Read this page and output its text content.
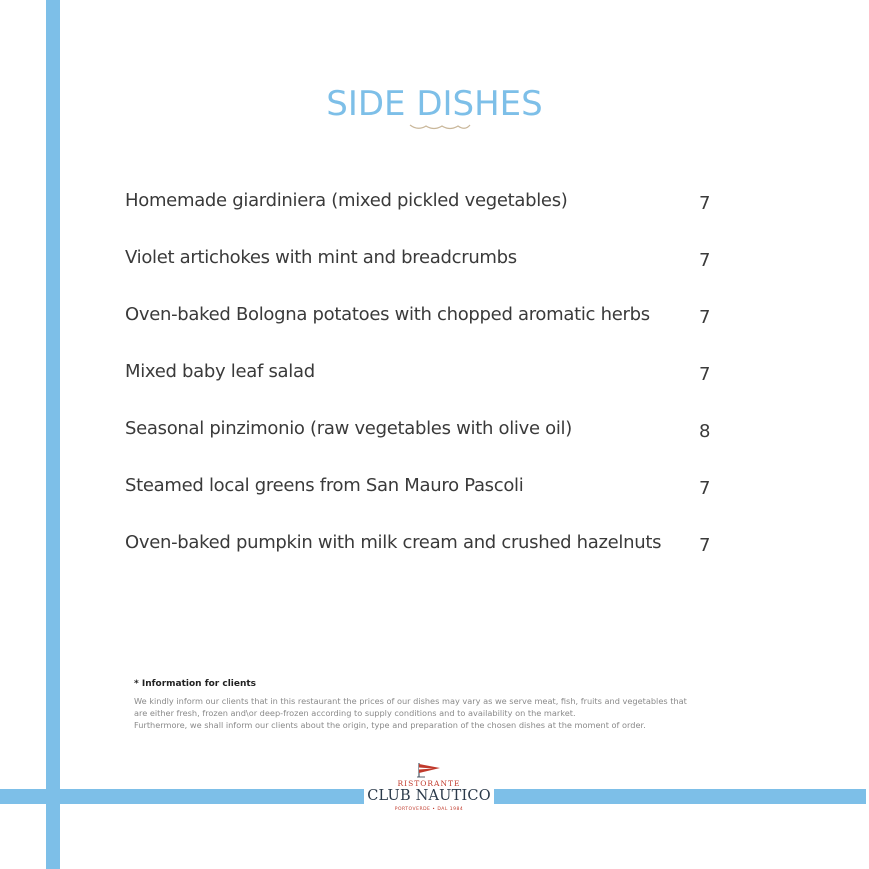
SIDE DISHES
Homemade giardiniera (mixed pickled vegetables)	7
Violet artichokes with mint and breadcrumbs	7
Oven-baked Bologna potatoes with chopped aromatic herbs	7
Mixed baby leaf salad	7
Seasonal pinzimonio (raw vegetables with olive oil)	8
Steamed local greens from San Mauro Pascoli	7
Oven-baked pumpkin with milk cream and crushed hazelnuts 7
* Information for clients
We kindly inform our clients that in this restaurant the prices of our dishes may vary as we serve meat, fish, fruits and vegetables that
are either fresh, frozen and\or deep-frozen according to supply conditions and to availability on the market.
Furthermore, we shall inform our clients about the origin, type and preparation of the chosen dishes at the moment of order.
RISTORANTE
CLUB NAUTICO
PORTOVERDE • DAL 1984
